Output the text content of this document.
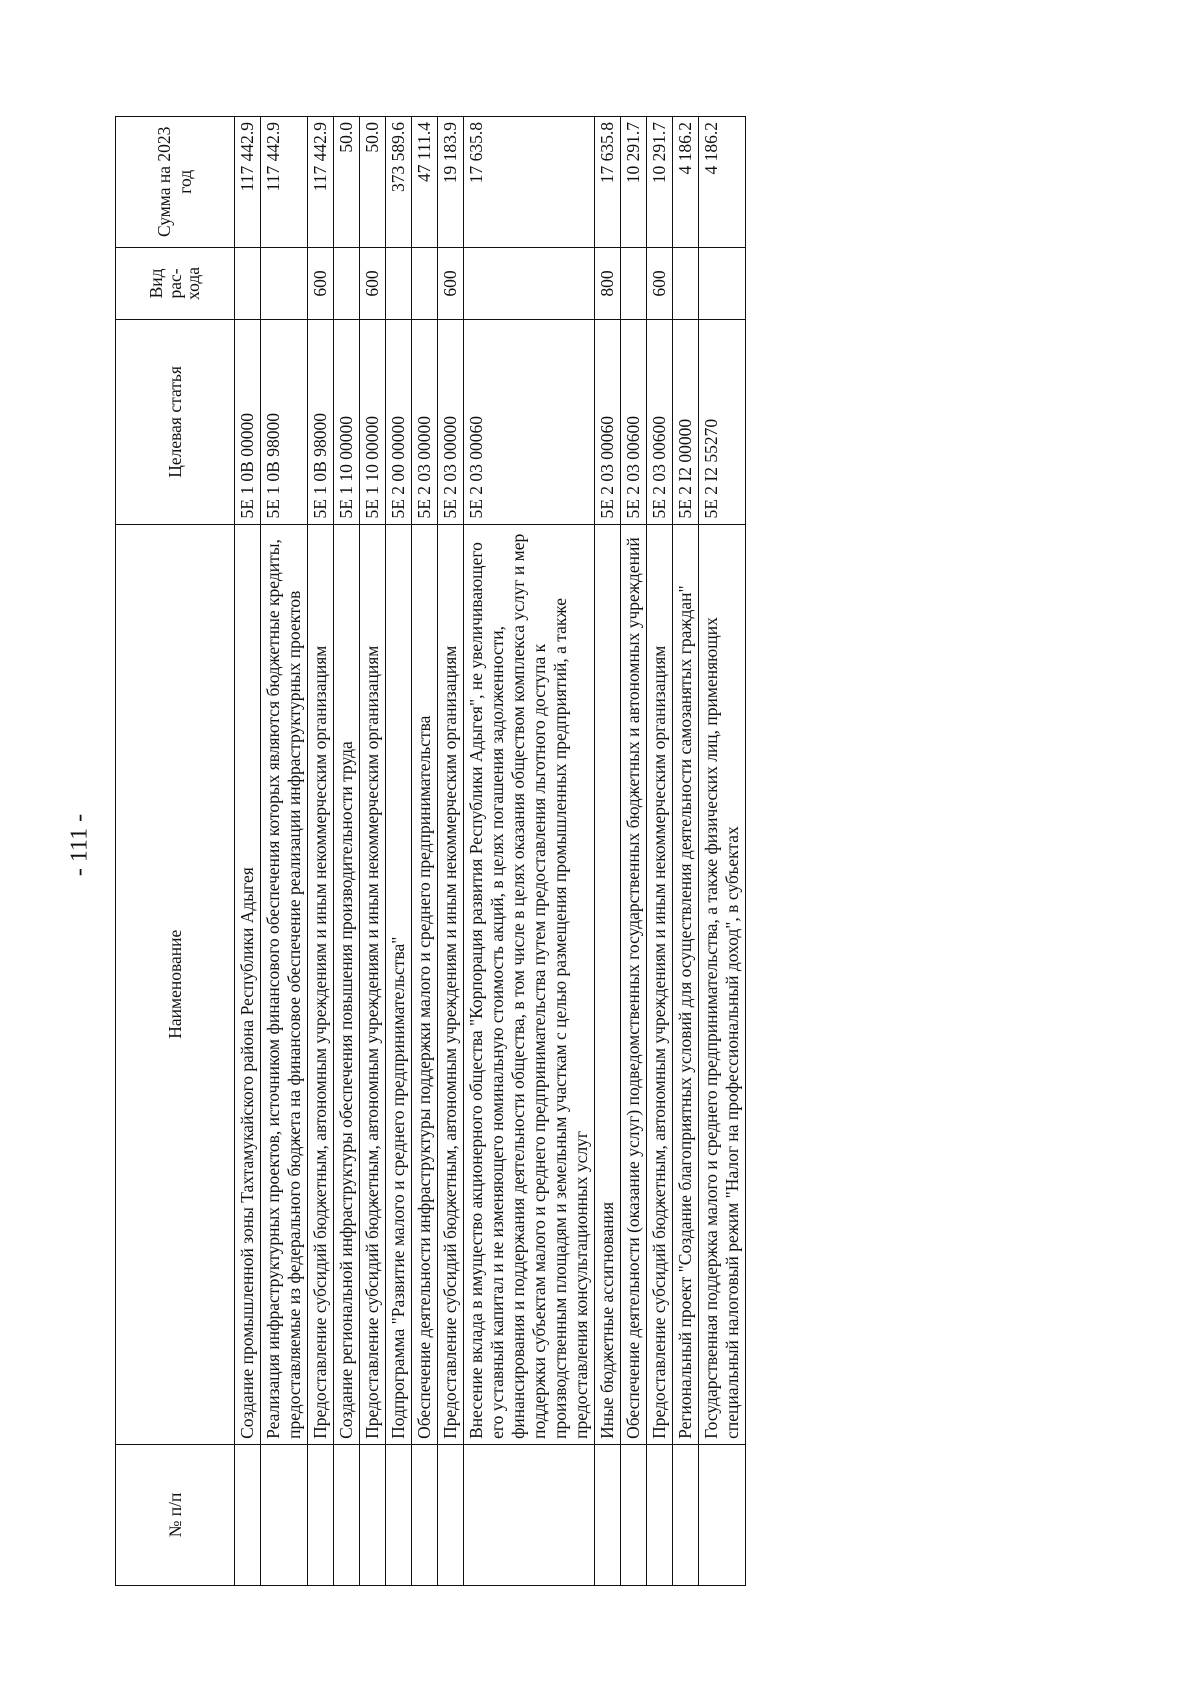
- 111 -
№ п/п	Наименование	Целевая статья	Вид рас- хода	Сумма на 2023 год
	Создание промышленной зоны Тахтамукайского района Республики Адыгея	5Е 1 0В 00000		117 442.9
	Реализация инфраструктурных проектов, источником финансового обеспечения которых являются бюджетные кредиты, предоставляемые из федерального бюджета на финансовое обеспечение реализации инфраструктурных проектов	5Е 1 0В 98000		117 442.9
	Предоставление субсидий бюджетным, автономным учреждениям и иным некоммерческим организациям	5Е 1 0В 98000	600	117 442.9
	Создание региональной инфраструктуры обеспечения повышения производительности труда	5Е 1 10 00000		50.0
	Предоставление субсидий бюджетным, автономным учреждениям и иным некоммерческим организациям	5Е 1 10 00000	600	50.0
	Подпрограмма "Развитие малого и среднего предпринимательства"	5Е 2 00 00000		373 589.6
	Обеспечение деятельности инфраструктуры поддержки малого и среднего предпринимательства	5Е 2 03 00000		47 111.4
	Предоставление субсидий бюджетным, автономным учреждениям и иным некоммерческим организациям	5Е 2 03 00000	600	19 183.9
	Внесение вклада в имущество акционерного общества "Корпорация развития Республики Адыгея", не увеличивающего его уставный капитал и не изменяющего номинальную стоимость акций, в целях погашения задолженности, финансирования и поддержания деятельности общества, в том числе в целях оказания обществом комплекса услуг и мер поддержки субъектам малого и среднего предпринимательства путем предоставления льготного доступа к производственным площадям и земельным участкам с целью размещения промышленных предприятий, а также предоставления консультационных услуг	5Е 2 03 00060		17 635.8
	Иные бюджетные ассигнования	5Е 2 03 00060	800	17 635.8
	Обеспечение деятельности (оказание услуг) подведомственных государственных бюджетных и автономных учреждений	5Е 2 03 00600		10 291.7
	Предоставление субсидий бюджетным, автономным учреждениям и иным некоммерческим организациям	5Е 2 03 00600	600	10 291.7
	Региональный проект "Создание благоприятных условий для осуществления деятельности самозанятых граждан"	5Е 2 I2 00000		4 186.2
	Государственная поддержка малого и среднего предпринимательства, а также физических лиц, применяющих специальный налоговый режим "Налог на профессиональный доход", в субъектах	5Е 2 I2 55270		4 186.2
